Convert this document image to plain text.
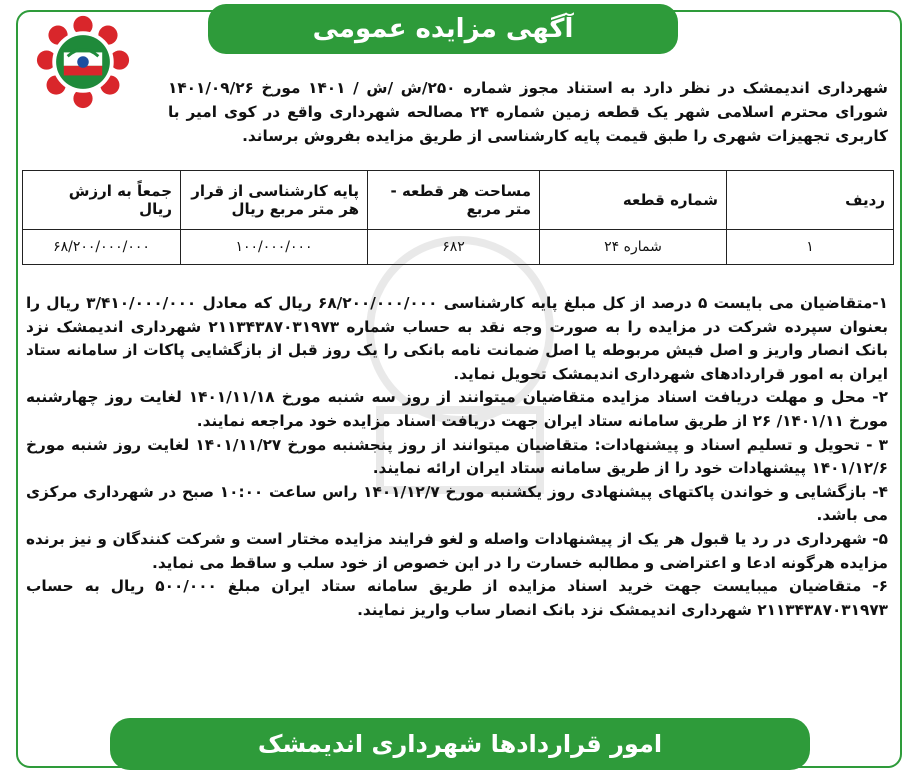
آگهی مزایده عمومی
شهرداری اندیمشک در نظر دارد به استناد مجوز شماره ۲۵۰/ش /ش / ۱۴۰۱ مورخ ۱۴۰۱/۰۹/۲۶ شورای محترم اسلامی شهر یک قطعه زمین شماره ۲۴ مصالحه شهرداری واقع در کوی امیر با کاربری تجهیزات شهری را طبق قیمت پایه کارشناسی از طریق مزایده بفروش برساند.
ردیف	شماره قطعه	مساحت هر قطعه - متر مربع	پایه کارشناسی از قرار هر متر مربع ریال	جمعاً به ارزش ریال
۱	شماره ۲۴	۶۸۲	۱۰۰/۰۰۰/۰۰۰	۶۸/۲۰۰/۰۰۰/۰۰۰

۱-متقاضیان می بایست ۵ درصد از کل مبلغ پایه کارشناسی ۶۸/۲۰۰/۰۰۰/۰۰۰ ریال که معادل ۳/۴۱۰/۰۰۰/۰۰۰ ریال را بعنوان سپرده شرکت در مزایده را به صورت وجه نقد به حساب شماره ۲۱۱۳۴۳۸۷۰۳۱۹۷۳ شهرداری اندیمشک نزد بانک انصار واریز و اصل فیش مربوطه یا اصل ضمانت نامه بانکی را یک روز قبل از بازگشایی پاکات از سامانه ستاد ایران به امور قراردادهای شهرداری اندیمشک تحویل نماید.

۲- محل و مهلت دریافت اسناد مزایده متقاضیان میتوانند از روز سه شنبه مورخ ۱۴۰۱/۱۱/۱۸ لغایت روز چهارشنبه مورخ ۱۴۰۱/۱۱/ ۲۶ از طریق سامانه ستاد ایران جهت دریافت اسناد مزایده خود مراجعه نمایند.

۳ - تحویل و تسلیم اسناد و پیشنهادات: متقاضیان میتوانند از روز پنجشنبه مورخ ۱۴۰۱/۱۱/۲۷ لغایت روز شنبه مورخ ۱۴۰۱/۱۲/۶ پیشنهادات خود را از طریق سامانه ستاد ایران ارائه نمایند.

۴- بازگشایی و خواندن پاکتهای پیشنهادی روز یکشنبه مورخ ۱۴۰۱/۱۲/۷ راس ساعت ۱۰:۰۰ صبح در شهرداری مرکزی می باشد.

۵- شهرداری در رد یا قبول هر یک از پیشنهادات واصله و لغو فرایند مزایده مختار است و شرکت کنندگان و نیز برنده مزایده هرگونه ادعا و اعتراضی و مطالبه خسارت را در این خصوص از خود سلب و ساقط می نماید.

۶- متقاضیان میبایست جهت خرید اسناد مزایده از طریق سامانه ستاد ایران مبلغ ۵۰۰/۰۰۰ ریال به حساب ۲۱۱۳۴۳۸۷۰۳۱۹۷۳ شهرداری اندیمشک نزد بانک انصار ساب واریز نمایند.

امور قراردادها شهرداری اندیمشک
